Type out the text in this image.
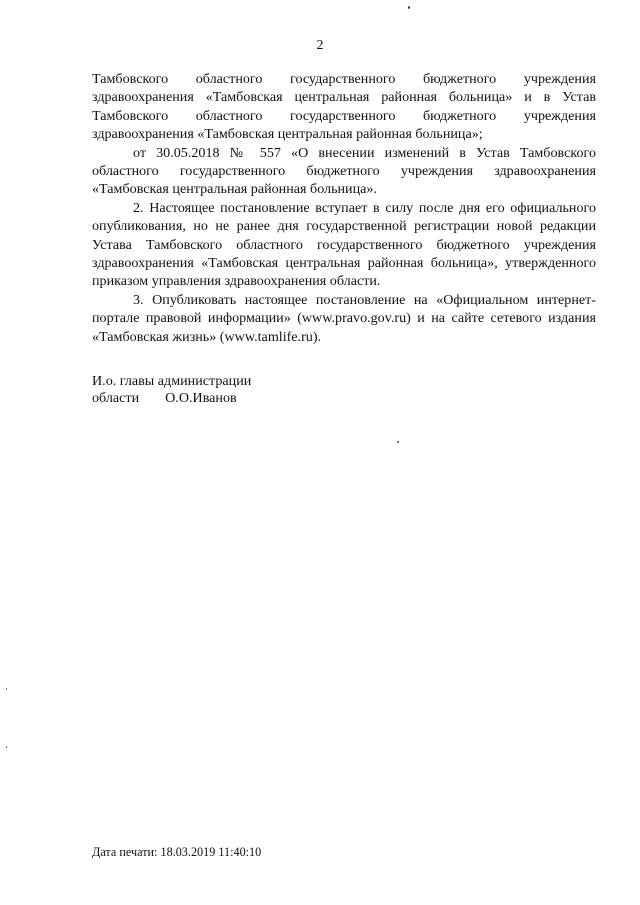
2

Тамбовского областного государственного бюджетного учреждения здравоохранения «Тамбовская центральная районная больница» и в Устав Тамбовского областного государственного бюджетного учреждения здравоохранения «Тамбовская центральная районная больница»;

от 30.05.2018 № 557 «О внесении изменений в Устав Тамбовского областного государственного бюджетного учреждения здравоохранения «Тамбовская центральная районная больница».

2. Настоящее постановление вступает в силу после дня его официального опубликования, но не ранее дня государственной регистрации новой редакции Устава Тамбовского областного государственного бюджетного учреждения здравоохранения «Тамбовская центральная районная больница», утвержденного приказом управления здравоохранения области.

3. Опубликовать настоящее постановление на «Официальном интернет-портале правовой информации» (www.pravo.gov.ru) и на сайте сетевого издания «Тамбовская жизнь» (www.tamlife.ru).

И.о. главы администрации
области О.О.Иванов
Дата печати: 18.03.2019 11:40:10
